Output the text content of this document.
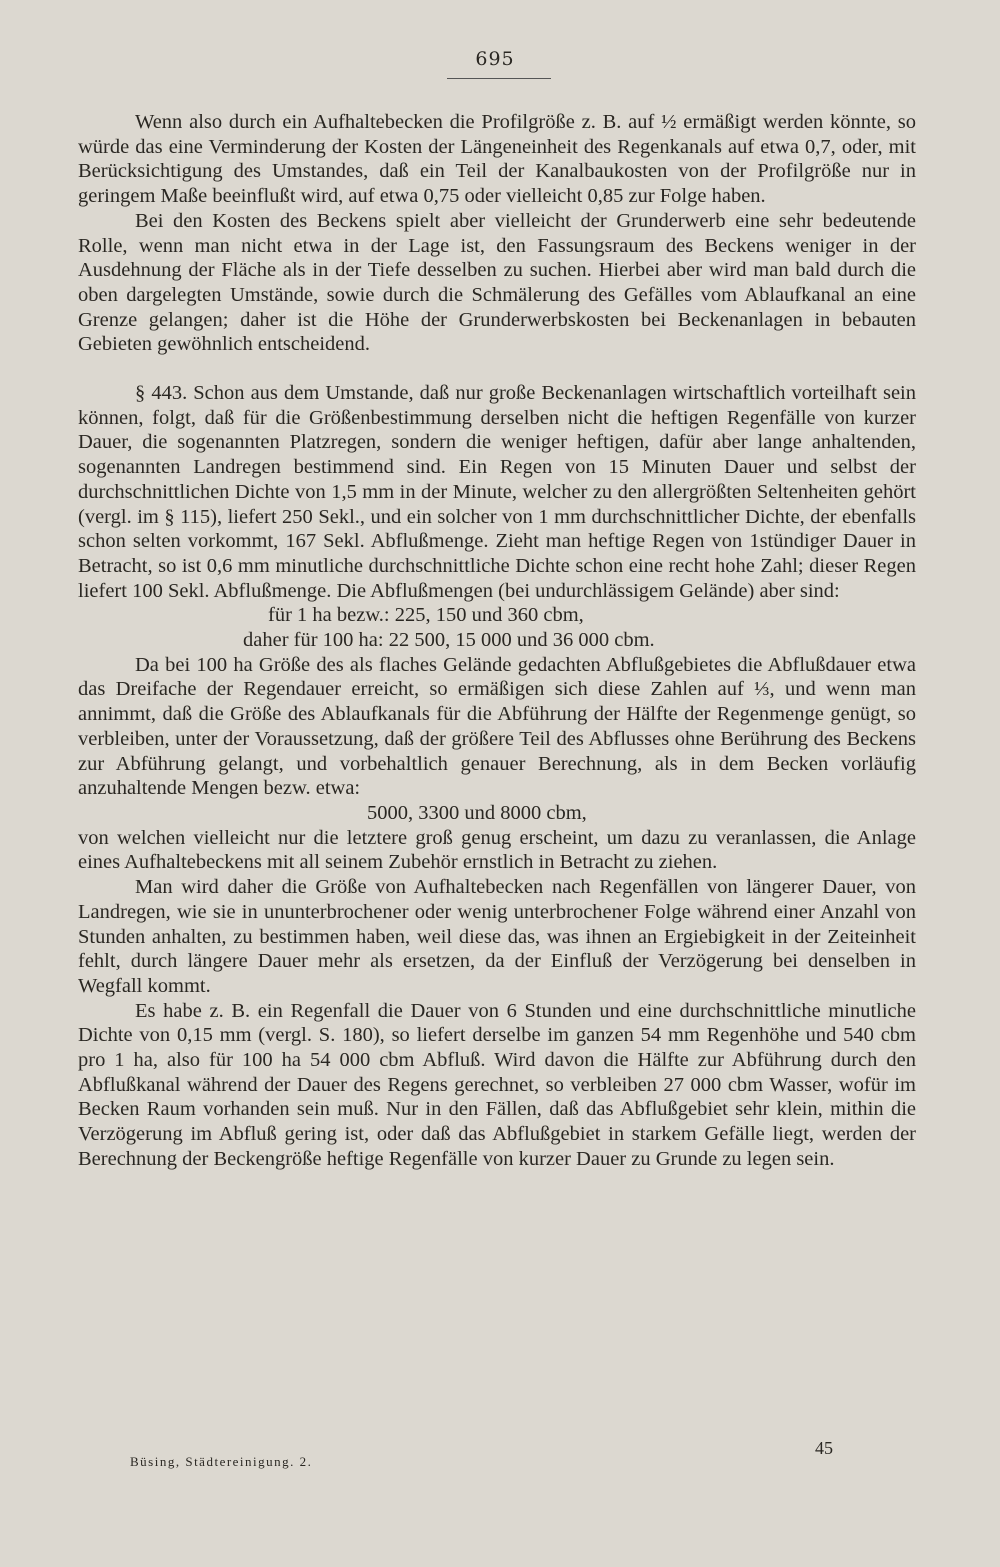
695

Wenn also durch ein Aufhaltebecken die Profilgröße z. B. auf ½ ermäßigt werden könnte, so würde das eine Verminderung der Kosten der Längeneinheit des Regenkanals auf etwa 0,7, oder, mit Berücksichtigung des Umstandes, daß ein Teil der Kanalbaukosten von der Profilgröße nur in geringem Maße beeinflußt wird, auf etwa 0,75 oder vielleicht 0,85 zur Folge haben.

Bei den Kosten des Beckens spielt aber vielleicht der Grunderwerb eine sehr bedeutende Rolle, wenn man nicht etwa in der Lage ist, den Fassungsraum des Beckens weniger in der Ausdehnung der Fläche als in der Tiefe desselben zu suchen. Hierbei aber wird man bald durch die oben dargelegten Umstände, sowie durch die Schmälerung des Gefälles vom Ablaufkanal an eine Grenze gelangen; daher ist die Höhe der Grunderwerbskosten bei Beckenanlagen in bebauten Gebieten gewöhnlich entscheidend.

§ 443. Schon aus dem Umstande, daß nur große Beckenanlagen wirtschaftlich vorteilhaft sein können, folgt, daß für die Größenbestimmung derselben nicht die heftigen Regenfälle von kurzer Dauer, die sogenannten Platzregen, sondern die weniger heftigen, dafür aber lange anhaltenden, sogenannten Landregen bestimmend sind. Ein Regen von 15 Minuten Dauer und selbst der durchschnittlichen Dichte von 1,5 mm in der Minute, welcher zu den allergrößten Seltenheiten gehört (vergl. im § 115), liefert 250 Sekl., und ein solcher von 1 mm durchschnittlicher Dichte, der ebenfalls schon selten vorkommt, 167 Sekl. Abflußmenge. Zieht man heftige Regen von 1stündiger Dauer in Betracht, so ist 0,6 mm minutliche durchschnittliche Dichte schon eine recht hohe Zahl; dieser Regen liefert 100 Sekl. Abflußmenge. Die Abflußmengen (bei undurchlässigem Gelände) aber sind:

für 1 ha bezw.: 225, 150 und 360 cbm,

daher für 100 ha: 22 500, 15 000 und 36 000 cbm.

Da bei 100 ha Größe des als flaches Gelände gedachten Abflußgebietes die Abflußdauer etwa das Dreifache der Regendauer erreicht, so ermäßigen sich diese Zahlen auf ⅓, und wenn man annimmt, daß die Größe des Ablaufkanals für die Abführung der Hälfte der Regenmenge genügt, so verbleiben, unter der Voraussetzung, daß der größere Teil des Abflusses ohne Berührung des Beckens zur Abführung gelangt, und vorbehaltlich genauer Berechnung, als in dem Becken vorläufig anzuhaltende Mengen bezw. etwa:

5000, 3300 und 8000 cbm,

von welchen vielleicht nur die letztere groß genug erscheint, um dazu zu veranlassen, die Anlage eines Aufhaltebeckens mit all seinem Zubehör ernstlich in Betracht zu ziehen.

Man wird daher die Größe von Aufhaltebecken nach Regenfällen von längerer Dauer, von Landregen, wie sie in ununterbrochener oder wenig unterbrochener Folge während einer Anzahl von Stunden anhalten, zu bestimmen haben, weil diese das, was ihnen an Ergiebigkeit in der Zeiteinheit fehlt, durch längere Dauer mehr als ersetzen, da der Einfluß der Verzögerung bei denselben in Wegfall kommt.

Es habe z. B. ein Regenfall die Dauer von 6 Stunden und eine durchschnittliche minutliche Dichte von 0,15 mm (vergl. S. 180), so liefert derselbe im ganzen 54 mm Regenhöhe und 540 cbm pro 1 ha, also für 100 ha 54 000 cbm Abfluß. Wird davon die Hälfte zur Abführung durch den Abflußkanal während der Dauer des Regens gerechnet, so verbleiben 27 000 cbm Wasser, wofür im Becken Raum vorhanden sein muß. Nur in den Fällen, daß das Abflußgebiet sehr klein, mithin die Verzögerung im Abfluß gering ist, oder daß das Abflußgebiet in starkem Gefälle liegt, werden der Berechnung der Beckengröße heftige Regenfälle von kurzer Dauer zu Grunde zu legen sein.

Büsing, Städtereinigung. 2.
45
